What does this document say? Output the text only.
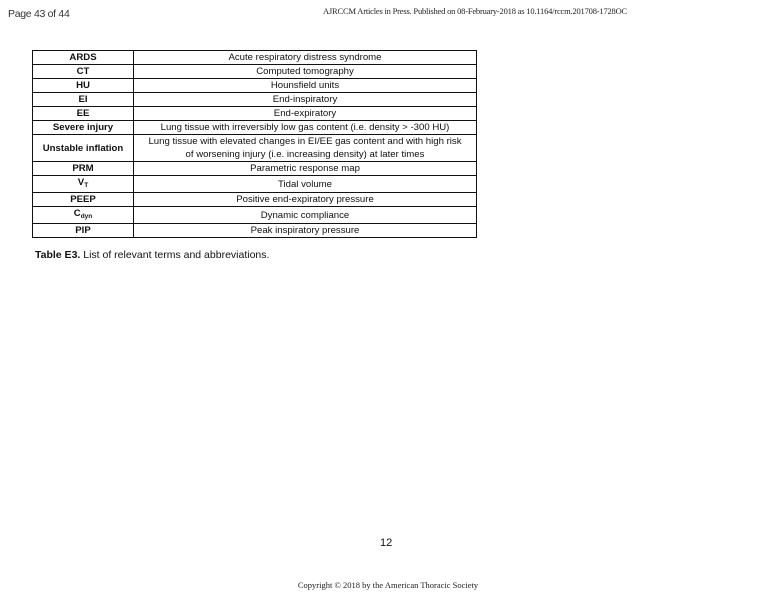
Page 43 of 44	AJRCCM Articles in Press. Published on 08-February-2018 as 10.1164/rccm.201708-1728OC
ARDS	Acute respiratory distress syndrome
CT	Computed tomography
HU	Hounsfield units
EI	End-inspiratory
EE	End-expiratory
Severe injury	Lung tissue with irreversibly low gas content (i.e. density > -300 HU)
Unstable inflation	Lung tissue with elevated changes in EI/EE gas content and with high risk of worsening injury (i.e. increasing density) at later times
PRM	Parametric response map
$V_T$	Tidal volume
PEEP	Positive end-expiratory pressure
$C_{dyn}$	Dynamic compliance
PIP	Peak inspiratory pressure
Table E3. List of relevant terms and abbreviations.
12
Copyright © 2018 by the American Thoracic Society
